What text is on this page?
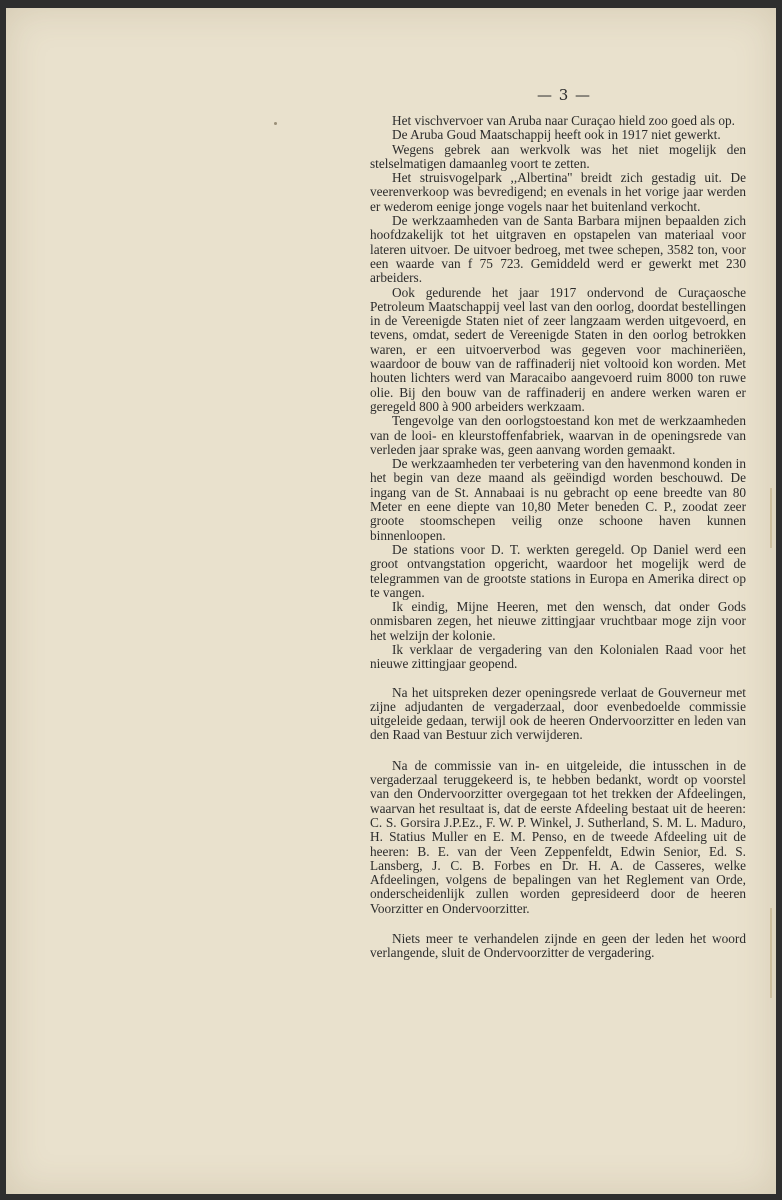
— 3 —

Het vischvervoer van Aruba naar Curaçao hield zoo goed als op.

De Aruba Goud Maatschappij heeft ook in 1917 niet gewerkt.

Wegens gebrek aan werkvolk was het niet mogelijk den stelselmatigen damaanleg voort te zetten.

Het struisvogelpark ,,Albertina'' breidt zich gestadig uit. De veerenverkoop was bevredigend; en evenals in het vorige jaar werden er wederom eenige jonge vogels naar het buitenland verkocht.

De werkzaamheden van de Santa Barbara mijnen bepaalden zich hoofdzakelijk tot het uitgraven en opstapelen van materiaal voor lateren uitvoer. De uitvoer bedroeg, met twee schepen, 3582 ton, voor een waarde van f 75 723. Gemiddeld werd er gewerkt met 230 arbeiders.

Ook gedurende het jaar 1917 ondervond de Curaçaosche Petroleum Maatschappij veel last van den oorlog, doordat bestellingen in de Vereenigde Staten niet of zeer langzaam werden uitgevoerd, en tevens, omdat, sedert de Vereenigde Staten in den oorlog betrokken waren, er een uitvoerverbod was gegeven voor machineriëen, waardoor de bouw van de raffinaderij niet voltooid kon worden. Met houten lichters werd van Maracaibo aangevoerd ruim 8000 ton ruwe olie. Bij den bouw van de raffinaderij en andere werken waren er geregeld 800 à 900 arbeiders werkzaam.

Tengevolge van den oorlogstoestand kon met de werkzaamheden van de looi- en kleurstoffenfabriek, waarvan in de openingsrede van verleden jaar sprake was, geen aanvang worden gemaakt.

De werkzaamheden ter verbetering van den havenmond konden in het begin van deze maand als geëindigd worden beschouwd. De ingang van de St. Annabaai is nu gebracht op eene breedte van 80 Meter en eene diepte van 10,80 Meter beneden C. P., zoodat zeer groote stoomschepen veilig onze schoone haven kunnen binnenloopen.

De stations voor D. T. werkten geregeld. Op Daniel werd een groot ontvangstation opgericht, waardoor het mogelijk werd de telegrammen van de grootste stations in Europa en Amerika direct op te vangen.

Ik eindig, Mijne Heeren, met den wensch, dat onder Gods onmisbaren zegen, het nieuwe zittingjaar vruchtbaar moge zijn voor het welzijn der kolonie.

Ik verklaar de vergadering van den Kolonialen Raad voor het nieuwe zittingjaar geopend.

Na het uitspreken dezer openingsrede verlaat de Gouverneur met zijne adjudanten de vergaderzaal, door evenbedoelde commissie uitgeleide gedaan, terwijl ook de heeren Ondervoorzitter en leden van den Raad van Bestuur zich verwijderen.

Na de commissie van in- en uitgeleide, die intusschen in de vergaderzaal teruggekeerd is, te hebben bedankt, wordt op voorstel van den Ondervoorzitter overgegaan tot het trekken der Afdeelingen, waarvan het resultaat is, dat de eerste Afdeeling bestaat uit de heeren: C. S. Gorsira J.P.Ez., F. W. P. Winkel, J. Sutherland, S. M. L. Maduro, H. Statius Muller en E. M. Penso, en de tweede Afdeeling uit de heeren: B. E. van der Veen Zeppenfeldt, Edwin Senior, Ed. S. Lansberg, J. C. B. Forbes en Dr. H. A. de Casseres, welke Afdeelingen, volgens de bepalingen van het Reglement van Orde, onderscheidenlijk zullen worden gepresideerd door de heeren Voorzitter en Ondervoorzitter.

Niets meer te verhandelen zijnde en geen der leden het woord verlangende, sluit de Ondervoorzitter de vergadering.
